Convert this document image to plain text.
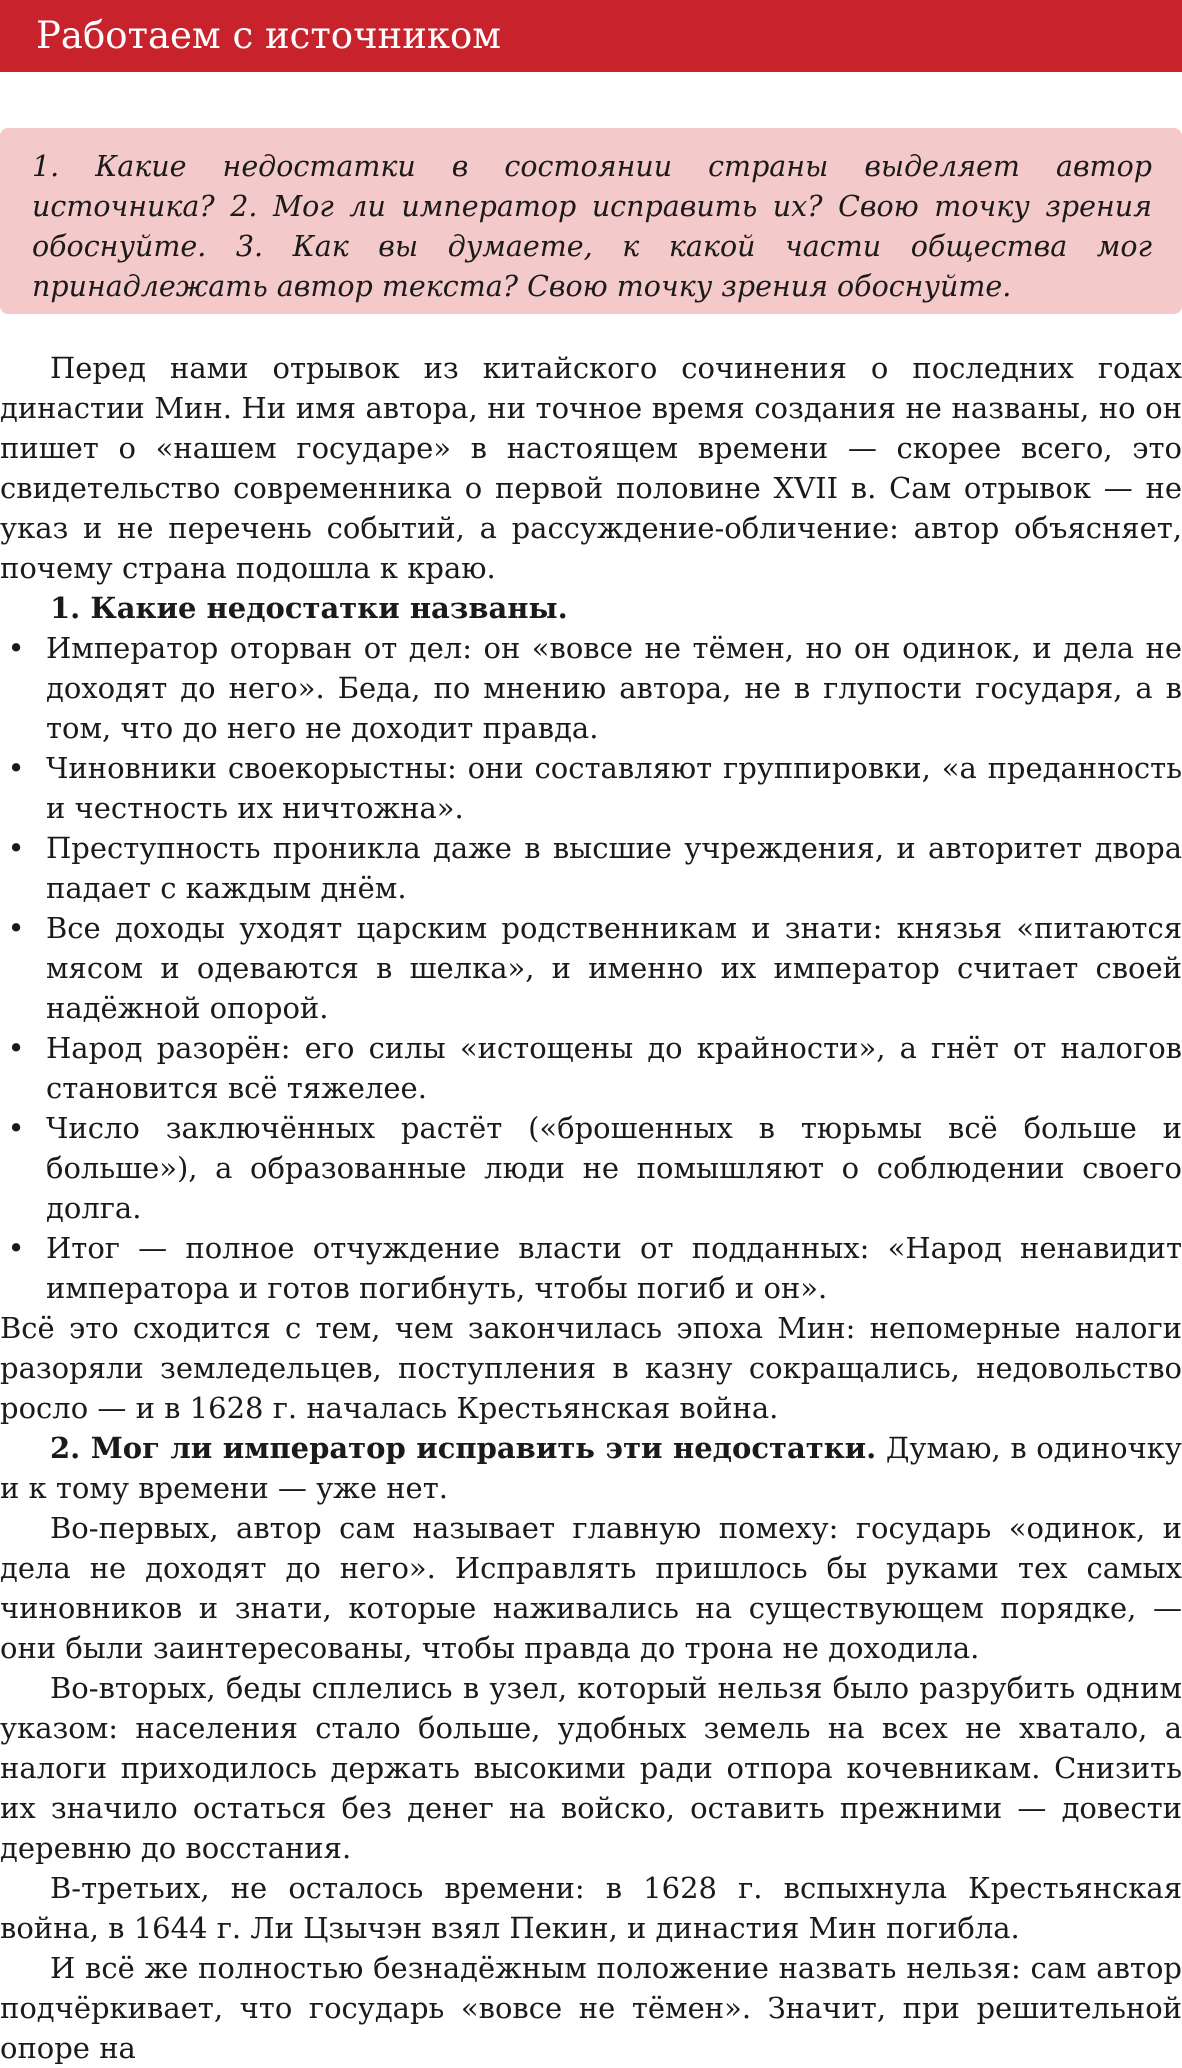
Работаем с источником

1. Какие недостатки в состоянии страны выделяет автор источника? 2. Мог ли император исправить их? Свою точку зрения обоснуйте. 3. Как вы думаете, к какой части общества мог принадлежать автор текста? Свою точку зрения обоснуйте.

Перед нами отрывок из китайского сочинения о последних годах династии Мин. Ни имя автора, ни точное время создания не названы, но он пишет о «нашем государе» в настоящем времени — скорее всего, это свидетельство современника о первой половине XVII в. Сам отрывок — не указ и не перечень событий, а рассуждение-обличение: автор объясняет, почему страна подошла к краю.

1. Какие недостатки названы.

• Император оторван от дел: он «вовсе не тёмен, но он одинок, и дела не доходят до него». Беда, по мнению автора, не в глупости государя, а в том, что до него не доходит правда.
• Чиновники своекорыстны: они составляют группировки, «а преданность и честность их ничтожна».
• Преступность проникла даже в высшие учреждения, и авторитет двора падает с каждым днём.
• Все доходы уходят царским родственникам и знати: князья «питаются мясом и одеваются в шелка», и именно их император считает своей надёжной опорой.
• Народ разорён: его силы «истощены до крайности», а гнёт от налогов становится всё тяжелее.
• Число заключённых растёт («брошенных в тюрьмы всё больше и больше»), а образованные люди не помышляют о соблюдении своего долга.
• Итог — полное отчуждение власти от подданных: «Народ ненавидит императора и готов погибнуть, чтобы погиб и он».

Всё это сходится с тем, чем закончилась эпоха Мин: непомерные налоги разоряли земледельцев, поступления в казну сокращались, недовольство росло — и в 1628 г. началась Крестьянская война.

2. Мог ли император исправить эти недостатки. Думаю, в одиночку и к тому времени — уже нет.

Во-первых, автор сам называет главную помеху: государь «одинок, и дела не доходят до него». Исправлять пришлось бы руками тех самых чиновников и знати, которые наживались на существующем порядке, — они были заинтересованы, чтобы правда до трона не доходила.

Во-вторых, беды сплелись в узел, который нельзя было разрубить одним указом: населения стало больше, удобных земель на всех не хватало, а налоги приходилось держать высокими ради отпора кочевникам. Снизить их значило остаться без денег на войско, оставить прежними — довести деревню до восстания.

В-третьих, не осталось времени: в 1628 г. вспыхнула Крестьянская война, в 1644 г. Ли Цзычэн взял Пекин, и династия Мин погибла.

И всё же полностью безнадёжным положение назвать нельзя: сам автор подчёркивает, что государь «вовсе не тёмен». Значит, при решительной опоре на
